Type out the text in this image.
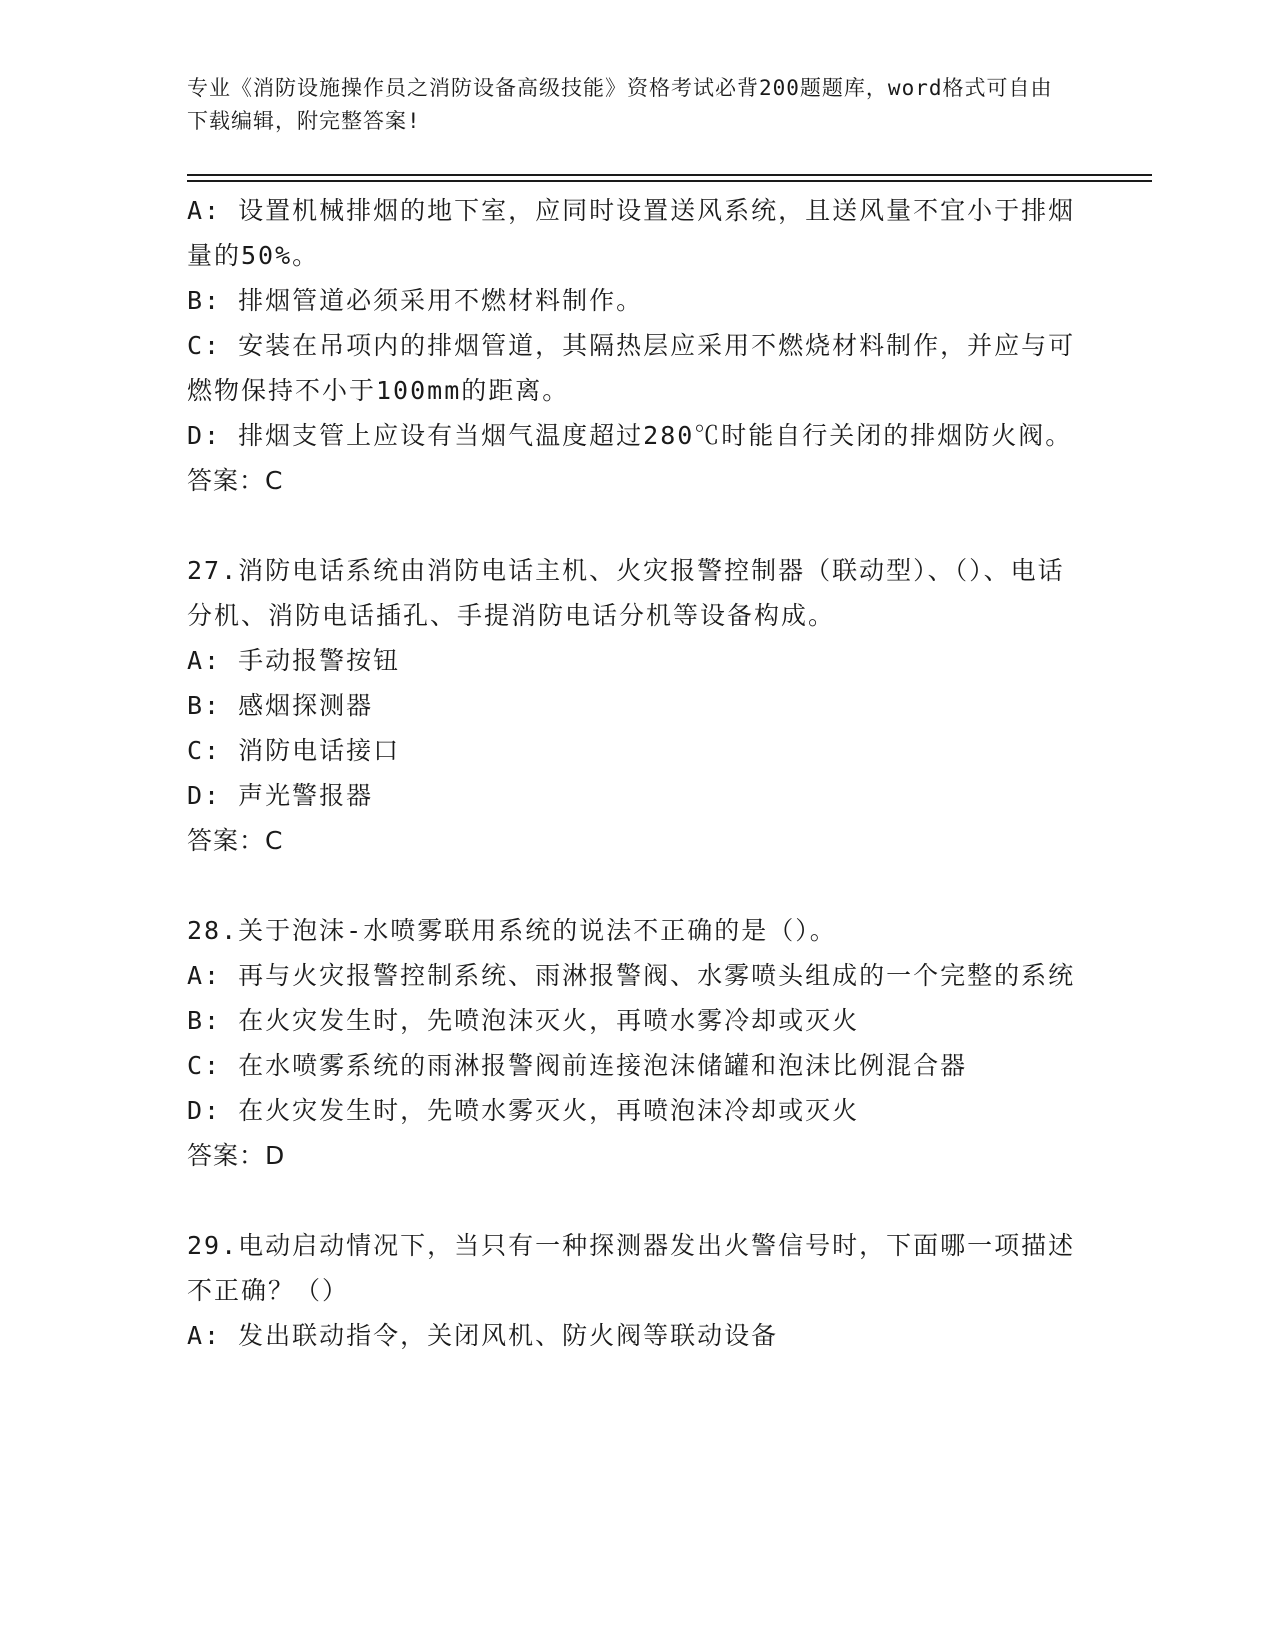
专业《消防设施操作员之消防设备高级技能》资格考试必背200题题库，word格式可自由下载编辑，附完整答案!

A: 设置机械排烟的地下室，应同时设置送风系统，且送风量不宜小于排烟量的50%。

B: 排烟管道必须采用不燃材料制作。

C: 安装在吊项内的排烟管道，其隔热层应采用不燃烧材料制作，并应与可燃物保持不小于100mm的距离。

D: 排烟支管上应设有当烟气温度超过280℃时能自行关闭的排烟防火阀。

答案：C

27.消防电话系统由消防电话主机、火灾报警控制器（联动型）、（）、电话分机、消防电话插孔、手提消防电话分机等设备构成。

A: 手动报警按钮

B: 感烟探测器

C: 消防电话接口

D: 声光警报器

答案：C

28.关于泡沫-水喷雾联用系统的说法不正确的是（）。

A: 再与火灾报警控制系统、雨淋报警阀、水雾喷头组成的一个完整的系统

B: 在火灾发生时，先喷泡沫灭火，再喷水雾冷却或灭火

C: 在水喷雾系统的雨淋报警阀前连接泡沫储罐和泡沫比例混合器

D: 在火灾发生时，先喷水雾灭火，再喷泡沫冷却或灭火

答案：D

29.电动启动情况下，当只有一种探测器发出火警信号时，下面哪一项描述不正确？（）

A: 发出联动指令，关闭风机、防火阀等联动设备
